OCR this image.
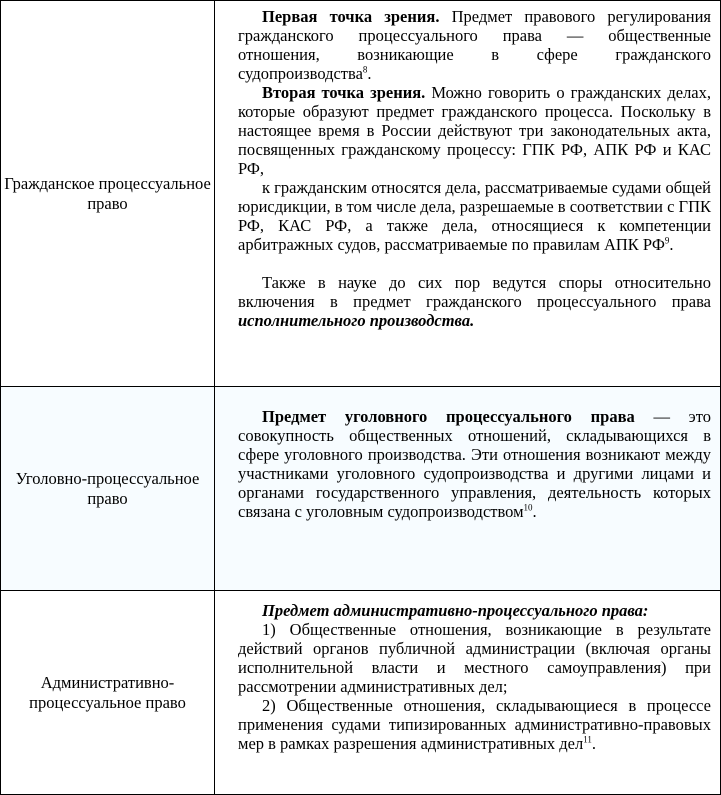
Гражданское процессуальное право	Первая точка зрения. Предмет правового регулирования гражданского процессуального права — общественные отношения, возникающие в сфере гражданского судопроизводства$^8$.

Вторая точка зрения. Можно говорить о гражданских делах, которые образуют предмет гражданского процесса. Поскольку в настоящее время в России действуют три законодательных акта, посвященных гражданскому процессу: ГПК РФ, АПК РФ и КАС РФ,

к гражданским относятся дела, рассматриваемые судами общей юрисдикции, в том числе дела, разрешаемые в соответствии с ГПК РФ, КАС РФ, а также дела, относящиеся к компетенции арбитражных судов, рассматриваемые по правилам АПК $РФ^9$.

Также в науке до сих пор ведутся споры относительно включения в предмет гражданского процессуального права исполнительного производства.

Уголовно-процессуальное право	Предмет уголовного процессуального права — это совокупность общественных отношений, складывающихся в сфере уголовного производства. Эти отношения возникают между участниками уголовного судопроизводства и другими лицами и органами государственного управления, деятельность которых связана с уголовным судопроизводством$^{10}$.

Административно-процессуальное право	Предмет административно-процессуального права:

1) Общественные отношения, возникающие в результате действий органов публичной администрации (включая органы исполнительной власти и местного самоуправления) при рассмотрении административных дел;

2) Общественные отношения, складывающиеся в процессе применения судами типизированных административно-правовых мер в рамках разрешения административных дел$^{11}$.
